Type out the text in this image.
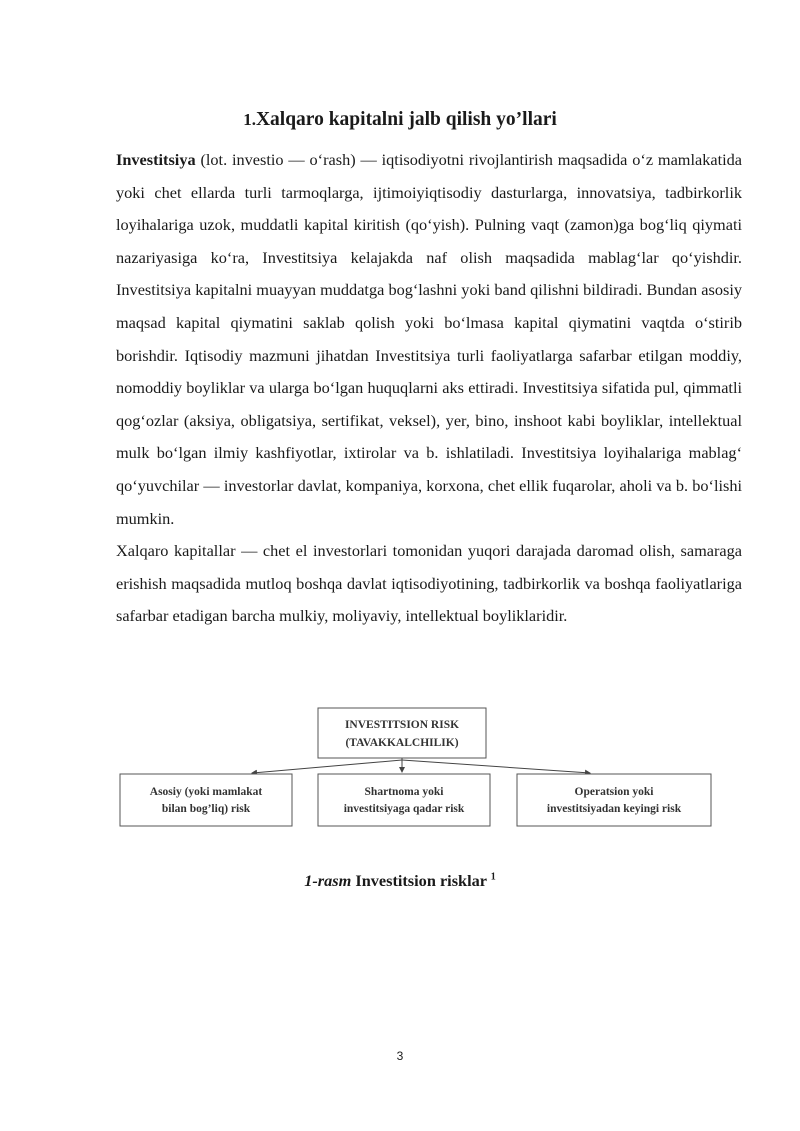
1.Xalqaro kapitalni jalb qilish yo’llari

Investitsiya (lot. investio — o‘rash) — iqtisodiyotni rivojlantirish maqsadida o‘z mamlakatida yoki chet ellarda turli tarmoqlarga, ijtimoiyiqtisodiy dasturlarga, innovatsiya, tadbirkorlik loyihalariga uzok, muddatli kapital kiritish (qo‘yish). Pulning vaqt (zamon)ga bog‘liq qiymati nazariyasiga ko‘ra, Investitsiya kelajakda naf olish maqsadida mablag‘lar qo‘yishdir. Investitsiya kapitalni muayyan muddatga bog‘lashni yoki band qilishni bildiradi. Bundan asosiy maqsad kapital qiymatini saklab qolish yoki bo‘lmasa kapital qiymatini vaqtda o‘stirib borishdir. Iqtisodiy mazmuni jihatdan Investitsiya turli faoliyatlarga safarbar etilgan moddiy, nomoddiy boyliklar va ularga bo‘lgan huquqlarni aks ettiradi. Investitsiya sifatida pul, qimmatli qog‘ozlar (aksiya, obligatsiya, sertifikat, veksel), yer, bino, inshoot kabi boyliklar, intellektual mulk bo‘lgan ilmiy kashfiyotlar, ixtirolar va b. ishlatiladi. Investitsiya loyihalariga mablag‘ qo‘yuvchilar — investorlar davlat, kompaniya, korxona, chet ellik fuqarolar, aholi va b. bo‘lishi mumkin.

Xalqaro kapitallar — chet el investorlari tomonidan yuqori darajada daromad olish, samaraga erishish maqsadida mutloq boshqa davlat iqtisodiyotining, tadbirkorlik va boshqa faoliyatlariga safarbar etadigan barcha mulkiy, moliyaviy, intellektual boyliklaridir.

INVESTITSION RISK
(TAVAKKALCHILIK)
Asosiy (yoki mamlakat
bilan bog’liq) risk
Shartnoma yoki
investitsiyaga qadar risk
Operatsion yoki
investitsiyadan keyingi risk
1-rasm Investitsion risklar $^1$
3
